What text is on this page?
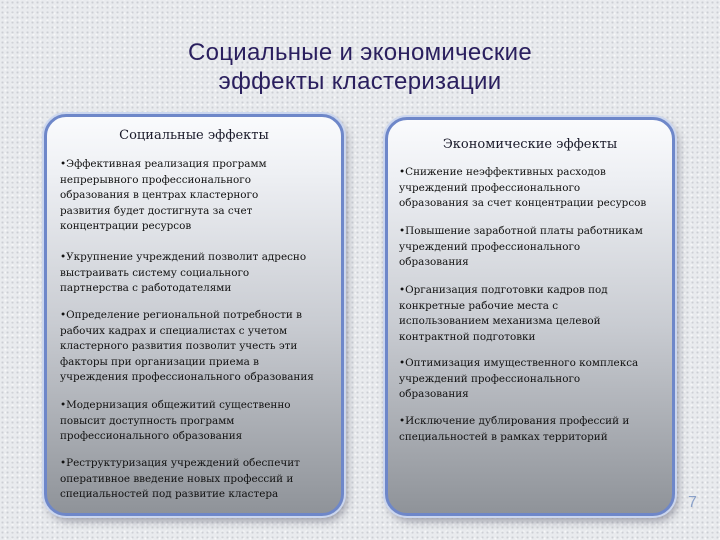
Социальные и экономические
эффекты кластеризации
Социальные эффекты
•Эффективная реализация программ
непрерывного профессионального
образования в центрах кластерного
развития будет достигнута за счет
концентрации ресурсов
•Укрупнение учреждений позволит адресно
выстраивать систему социального
партнерства с работодателями
•Определение региональной потребности в
рабочих кадрах и специалистах с учетом
кластерного развития позволит учесть эти
факторы при организации приема в
учреждения профессионального образования
•Модернизация общежитий существенно
повысит доступность программ
профессионального образования
•Реструктуризация учреждений обеспечит
оперативное введение новых профессий и
специальностей под развитие кластера
Экономические эффекты
•Снижение неэффективных расходов
учреждений профессионального
образования за счет концентрации ресурсов
•Повышение заработной платы работникам
учреждений профессионального
образования
•Организация подготовки кадров под
конкретные рабочие места с
использованием механизма целевой
контрактной подготовки
•Оптимизация имущественного комплекса
учреждений профессионального
образования
•Исключение дублирования профессий и
специальностей в рамках территорий
7
